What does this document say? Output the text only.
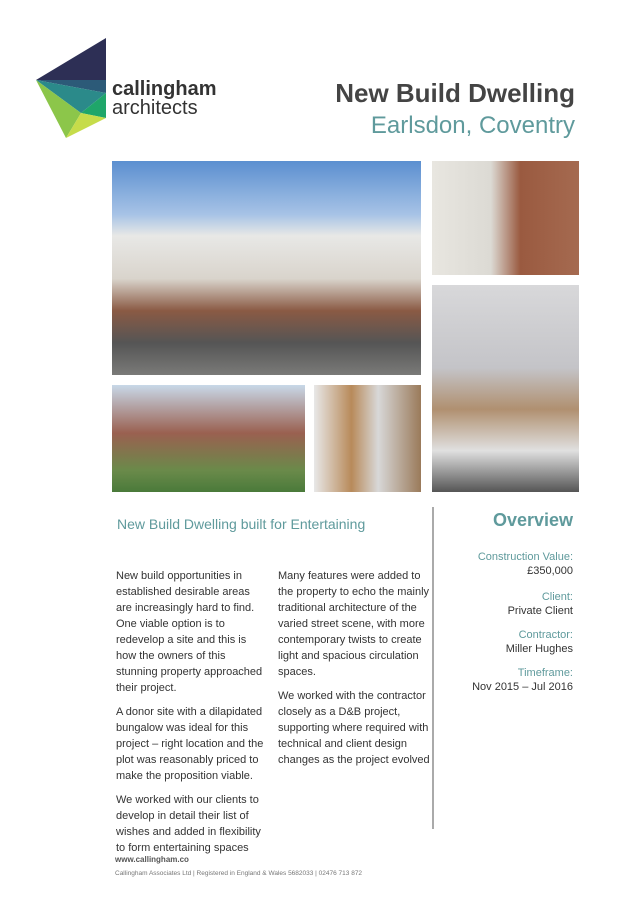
callingham
architects	New Build Dwelling
Earlsdon, Coventry
New Build Dwelling built for Entertaining

New build opportunities in established desirable areas are increasingly hard to find. One viable option is to redevelop a site and this is how the owners of this stunning property approached their project.

A donor site with a dilapidated bungalow was ideal for this project – right location and the plot was reasonably priced to make the proposition viable.

We worked with our clients to develop in detail their list of wishes and added in flexibility to form entertaining spaces

Many features were added to the property to echo the mainly traditional architecture of the varied street scene, with more contemporary twists to create light and spacious circulation spaces.

We worked with the contractor closely as a D&B project, supporting where required with technical and client design changes as the project evolved

Overview
Construction Value:
£350,000
Client:
Private Client
Contractor:
Miller Hughes
Timeframe:
Nov 2015 – Jul 2016
www.callingham.co
Callingham Associates Ltd | Registered in England & Wales 5682033 | 02476 713 872
